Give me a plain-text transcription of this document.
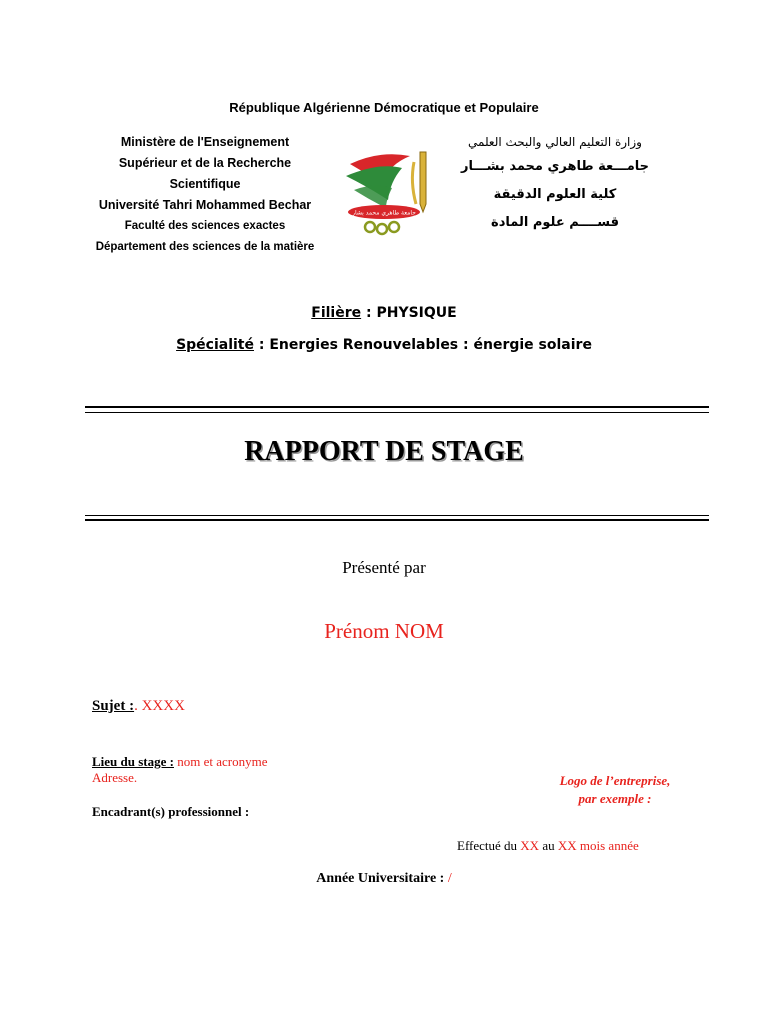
République Algérienne Démocratique et Populaire
Ministère de l'Enseignement
Supérieur et de la Recherche
Scientifique
Université Tahri Mohammed Bechar
Faculté des sciences exactes
Département des sciences de la matière
جامعة طاهري محمد بشار
وزارة التعليم العالي والبحث العلمي
جامـــعة طاهري محمد بشـــار
كلية العلوم الدقيقة
قســــم علوم المادة
Filière : PHYSIQUE
Spécialité : Energies Renouvelables : énergie solaire
RAPPORT DE STAGE
Présenté par
Prénom NOM
Sujet :. XXXX
Lieu du stage : nom et acronyme
Adresse.
Encadrant(s) professionnel :
Logo de l’entreprise,
par exemple :
Effectué du XX au XX mois année
Année Universitaire : /
